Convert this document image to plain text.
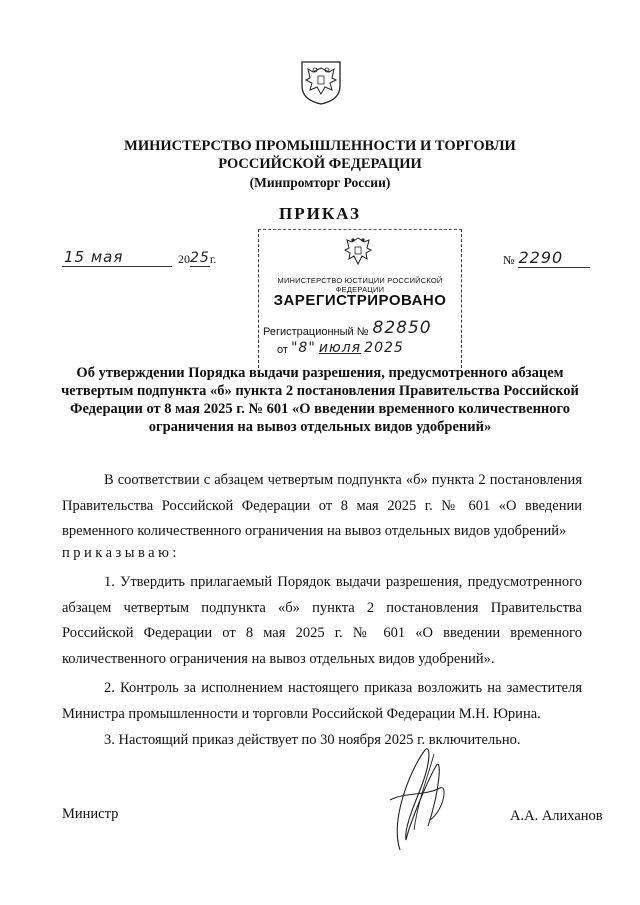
МИНИСТЕРСТВО ПРОМЫШЛЕННОСТИ И ТОРГОВЛИ
РОССИЙСКОЙ ФЕДЕРАЦИИ
(Минпромторг России)
ПРИКАЗ
15 мая	20 25 г.	№ 2290
МИНИСТЕРСТВО ЮСТИЦИИ РОССИЙСКОЙ ФЕДЕРАЦИИ
ЗАРЕГИСТРИРОВАНО
Регистрационный № 82850
от
"8"
июля
2025
Об утверждении Порядка выдачи разрешения, предусмотренного абзацем четвертым подпункта «б» пункта 2 постановления Правительства Российской Федерации от 8 мая 2025 г. № 601 «О введении временного количественного ограничения на вывоз отдельных видов удобрений»
В соответствии с абзацем четвертым подпункта «б» пункта 2 постановления Правительства Российской Федерации от 8 мая 2025 г. № 601 «О введении временного количественного ограничения на вывоз отдельных видов удобрений»
приказываю:
1. Утвердить прилагаемый Порядок выдачи разрешения, предусмотренного абзацем четвертым подпункта «б» пункта 2 постановления Правительства Российской Федерации от 8 мая 2025 г. № 601 «О введении временного количественного ограничения на вывоз отдельных видов удобрений».
2. Контроль за исполнением настоящего приказа возложить на заместителя Министра промышленности и торговли Российской Федерации М.Н. Юрина.
3. Настоящий приказ действует по 30 ноября 2025 г. включительно.
Министр	А.А. Алиханов
